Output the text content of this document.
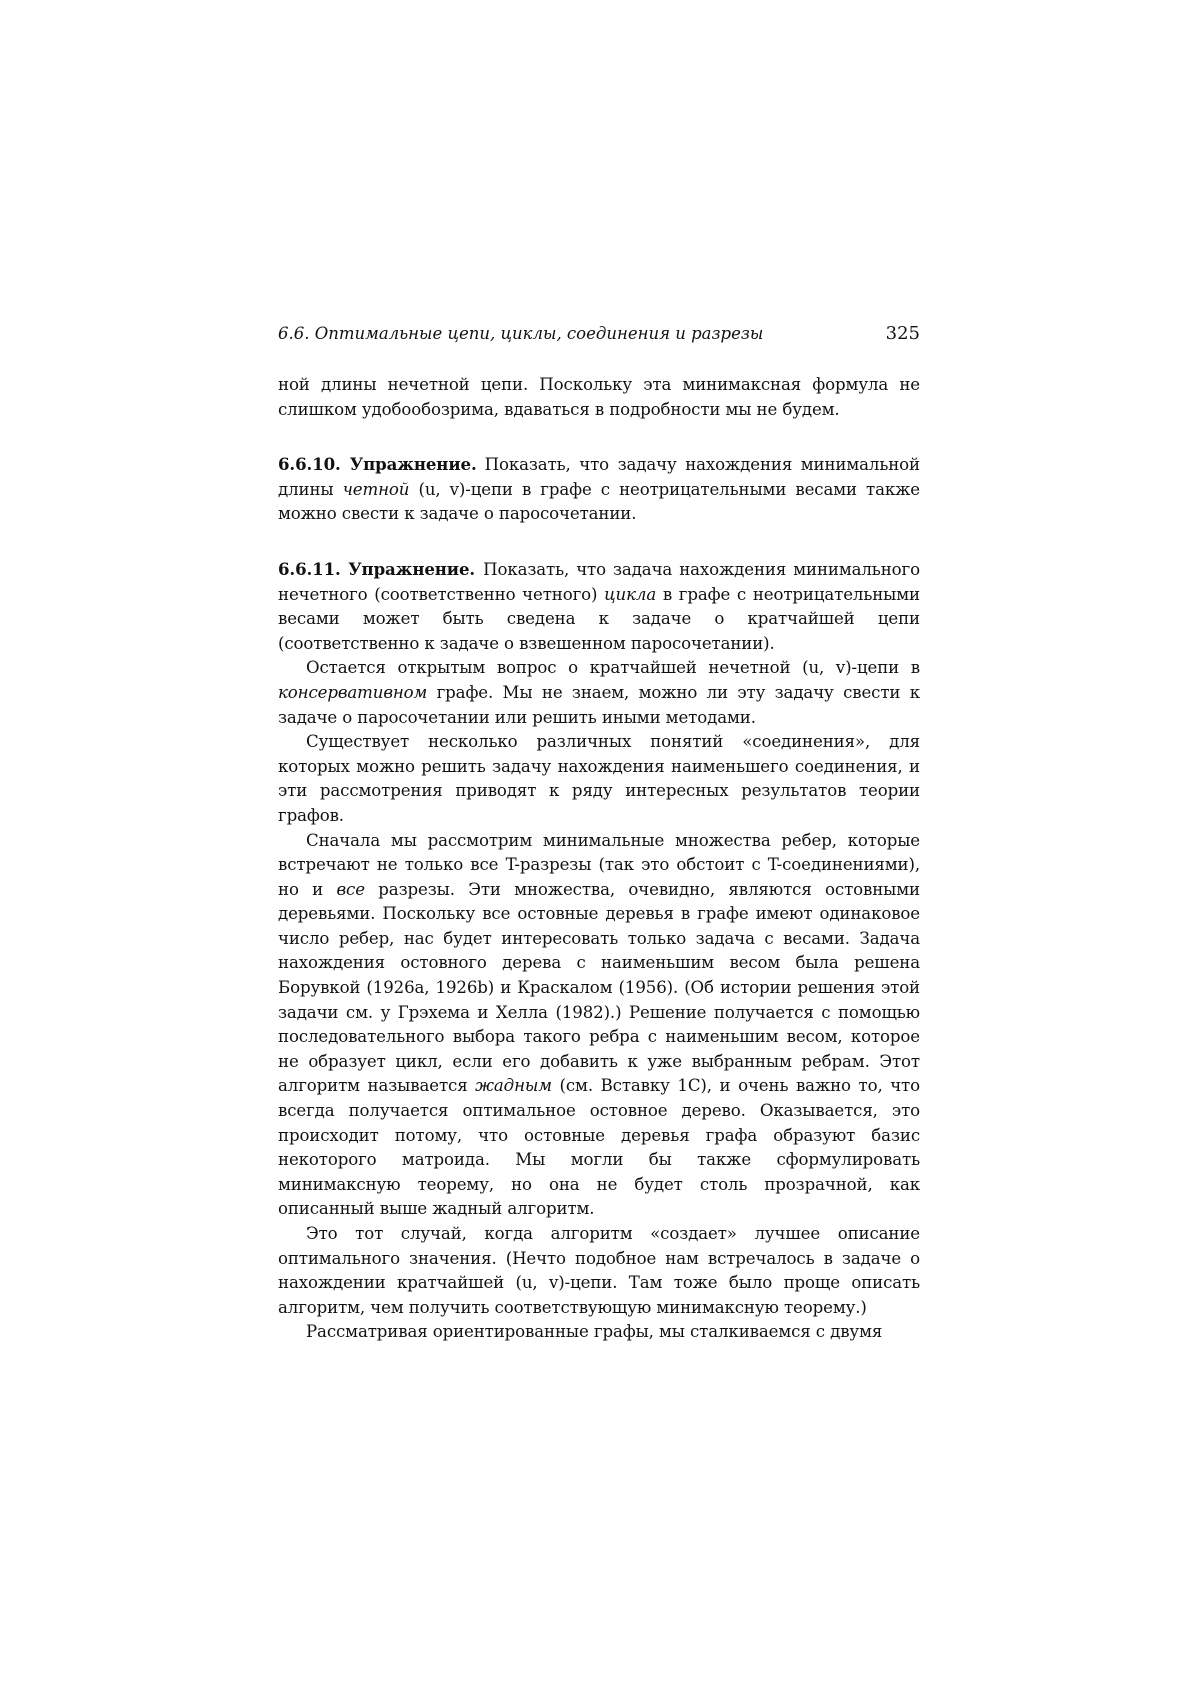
6.6. Оптимальные цепи, циклы, соединения и разрезы	325

ной длины нечетной цепи. Поскольку эта минимаксная формула не слишком удобообозрима, вдаваться в подробности мы не будем.

6.6.10. Упражнение. Показать, что задачу нахождения минимальной длины четной (u, v)-цепи в графе с неотрицательными весами также можно свести к задаче о паросочетании.

6.6.11. Упражнение. Показать, что задача нахождения минимального нечетного (соответственно четного) цикла в графе с неотрицательными весами может быть сведена к задаче о кратчайшей цепи (соответственно к задаче о взвешенном паросочетании).

Остается открытым вопрос о кратчайшей нечетной (u, v)-цепи в консервативном графе. Мы не знаем, можно ли эту задачу свести к задаче о паросочетании или решить иными методами.

Существует несколько различных понятий «соединения», для которых можно решить задачу нахождения наименьшего соединения, и эти рассмотрения приводят к ряду интересных результатов теории графов.

Сначала мы рассмотрим минимальные множества ребер, которые встречают не только все T-разрезы (так это обстоит с T-соединениями), но и все разрезы. Эти множества, очевидно, являются остовными деревьями. Поскольку все остовные деревья в графе имеют одинаковое число ребер, нас будет интересовать только задача с весами. Задача нахождения остовного дерева с наименьшим весом была решена Борувкой (1926a, 1926b) и Краскалом (1956). (Об истории решения этой задачи см. у Грэхема и Хелла (1982).) Решение получается с помощью последовательного выбора такого ребра с наименьшим весом, которое не образует цикл, если его добавить к уже выбранным ребрам. Этот алгоритм называется жадным (см. Вставку 1C), и очень важно то, что всегда получается оптимальное остовное дерево. Оказывается, это происходит потому, что остовные деревья графа образуют базис некоторого матроида. Мы могли бы также сформулировать минимаксную теорему, но она не будет столь прозрачной, как описанный выше жадный алгоритм.

Это тот случай, когда алгоритм «создает» лучшее описание оптимального значения. (Нечто подобное нам встречалось в задаче о нахождении кратчайшей (u, v)-цепи. Там тоже было проще описать алгоритм, чем получить соответствующую минимаксную теорему.)

Рассматривая ориентированные графы, мы сталкиваемся с двумя
